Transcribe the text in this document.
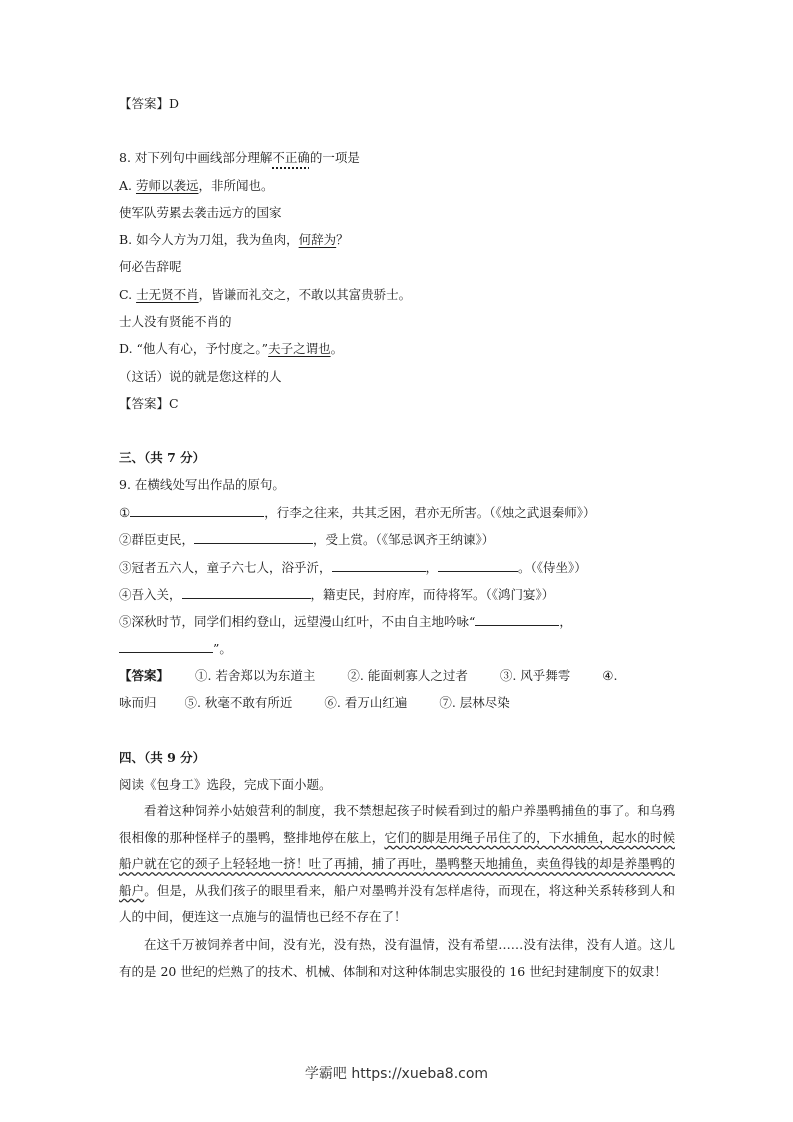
【答案】D
8. 对下列句中画线部分理解不正确的一项是
A. 劳师以袭远，非所闻也。
使军队劳累去袭击远方的国家
B. 如今人方为刀俎，我为鱼肉，何辞为？
何必告辞呢
C. 士无贤不肖，皆谦而礼交之，不敢以其富贵骄士。
士人没有贤能不肖的
D. “他人有心，予忖度之。”夫子之谓也。
（这话）说的就是您这样的人
【答案】C
三、（共 7 分）
9. 在横线处写出作品的原句。
①	，行李之往来，共其乏困，君亦无所害。（《烛之武退秦师》）
②群臣吏民，	，受上赏。（《邹忌讽齐王纳谏》）
③冠者五六人，童子六七人，浴乎沂，	，	。（《侍坐》）
④吾入关，	，籍吏民，封府库，而待将军。（《鸿门宴》）
⑤深秋时节，同学们相约登山，远望漫山红叶，不由自主地吟咏“	，
”。
【答案】 ①. 若舍郑以为东道主	②. 能面刺寡人之过者	③. 风乎舞雩	④.
咏而归 ⑤. 秋毫不敢有所近	⑥. 看万山红遍	⑦. 层林尽染
四、（共 9 分）
阅读《包身工》选段，完成下面小题。
看着这种饲养小姑娘营利的制度，我不禁想起孩子时候看到过的船户养墨鸭捕鱼的事了。和乌鸦很相像的那种怪样子的墨鸭，整排地停在舷上，它们的脚是用绳子吊住了的，下水捕鱼，起水的时候船户就在它的颈子上轻轻地一挤！吐了再捕，捕了再吐，墨鸭整天地捕鱼，卖鱼得钱的却是养墨鸭的船户。但是，从我们孩子的眼里看来，船户对墨鸭并没有怎样虐待，而现在，将这种关系转移到人和人的中间，便连这一点施与的温情也已经不存在了！
在这千万被饲养者中间，没有光，没有热，没有温情，没有希望……没有法律，没有人道。这儿有的是 20 世纪的烂熟了的技术、机械、体制和对这种体制忠实服役的 16 世纪封建制度下的奴隶！
学霸吧 https://xueba8.com
